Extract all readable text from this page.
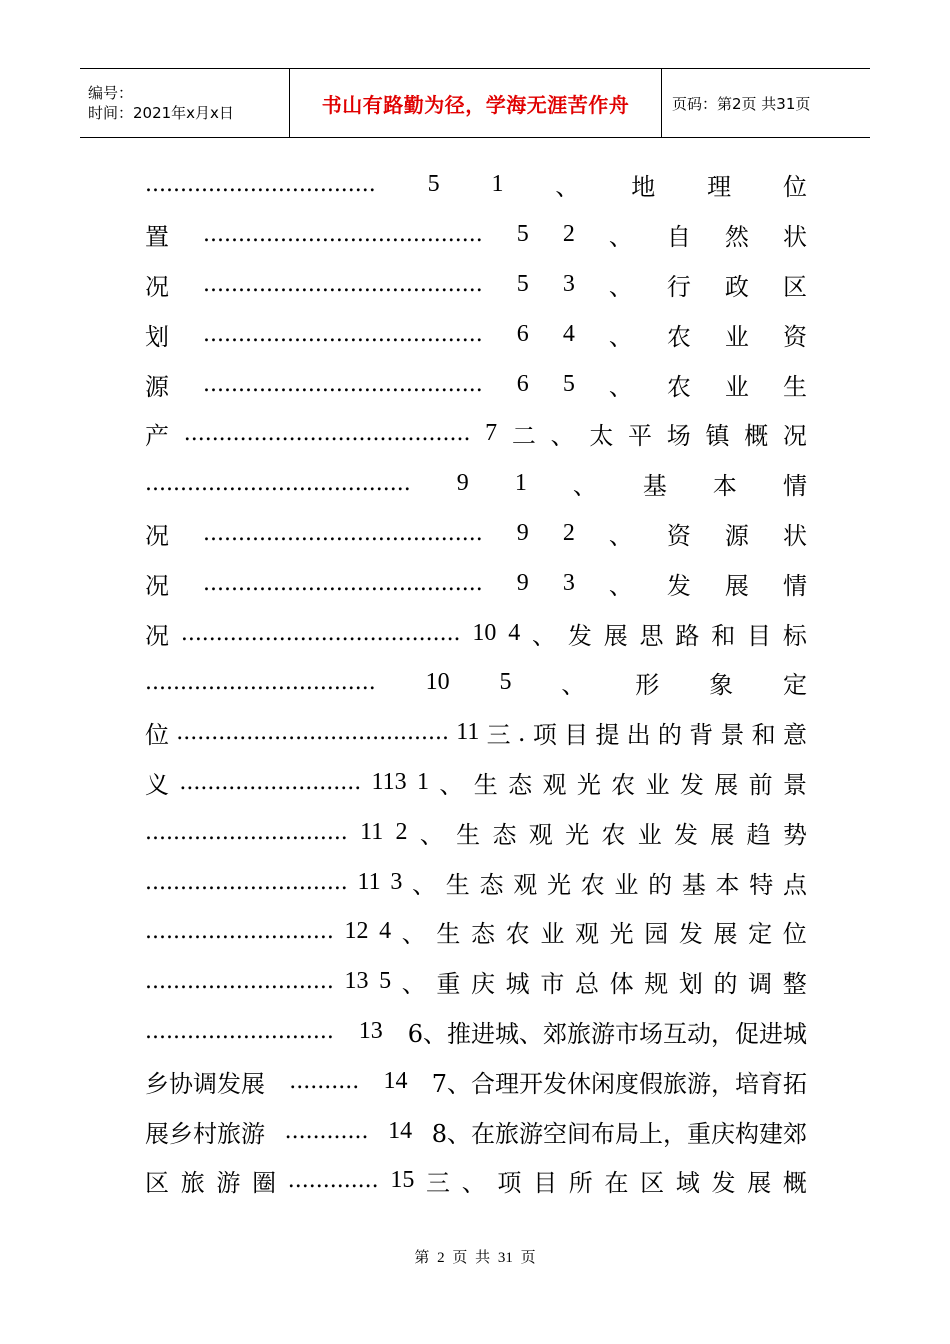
编号：
时间：2021年x月x日	书山有路勤为径，学海无涯苦作舟	页码：第2页 共31页
................................. 5 1 、 地 理 位
置 ........................................ 5 2 、 自 然 状
况 ........................................ 5 3 、 行 政 区
划 ........................................ 6 4 、 农 业 资
源 ........................................ 6 5 、 农 业 生
产 ......................................... 7 二 、 太 平 场 镇 概 况
...................................... 9 1 、 基 本 情
况 ........................................ 9 2 、 资 源 状
况 ........................................ 9 3 、 发 展 情
况 ........................................ 10 4 、 发 展 思 路 和 目 标
................................. 10 5 、 形 象 定
位 ....................................... 11 三 . 项 目 提 出 的 背 景 和 意
义 .......................... 113 1 、 生 态 观 光 农 业 发 展 前 景
............................. 11 2 、 生 态 观 光 农 业 发 展 趋 势
............................. 11 3 、 生 态 观 光 农 业 的 基 本 特 点
........................... 12 4 、 生 态 农 业 观 光 园 发 展 定 位
........................... 13 5 、 重 庆 城 市 总 体 规 划 的 调 整
........................... 13 6、推进城、郊旅游市场互动，促进城
乡协调发展 .......... 14 7、合理开发休闲度假旅游，培育拓
展乡村旅游 ............ 14 8、在旅游空间布局上，重庆构建郊
区 旅 游 圈 ............. 15 三 、 项 目 所 在 区 域 发 展 概
第 2 页 共 31 页
